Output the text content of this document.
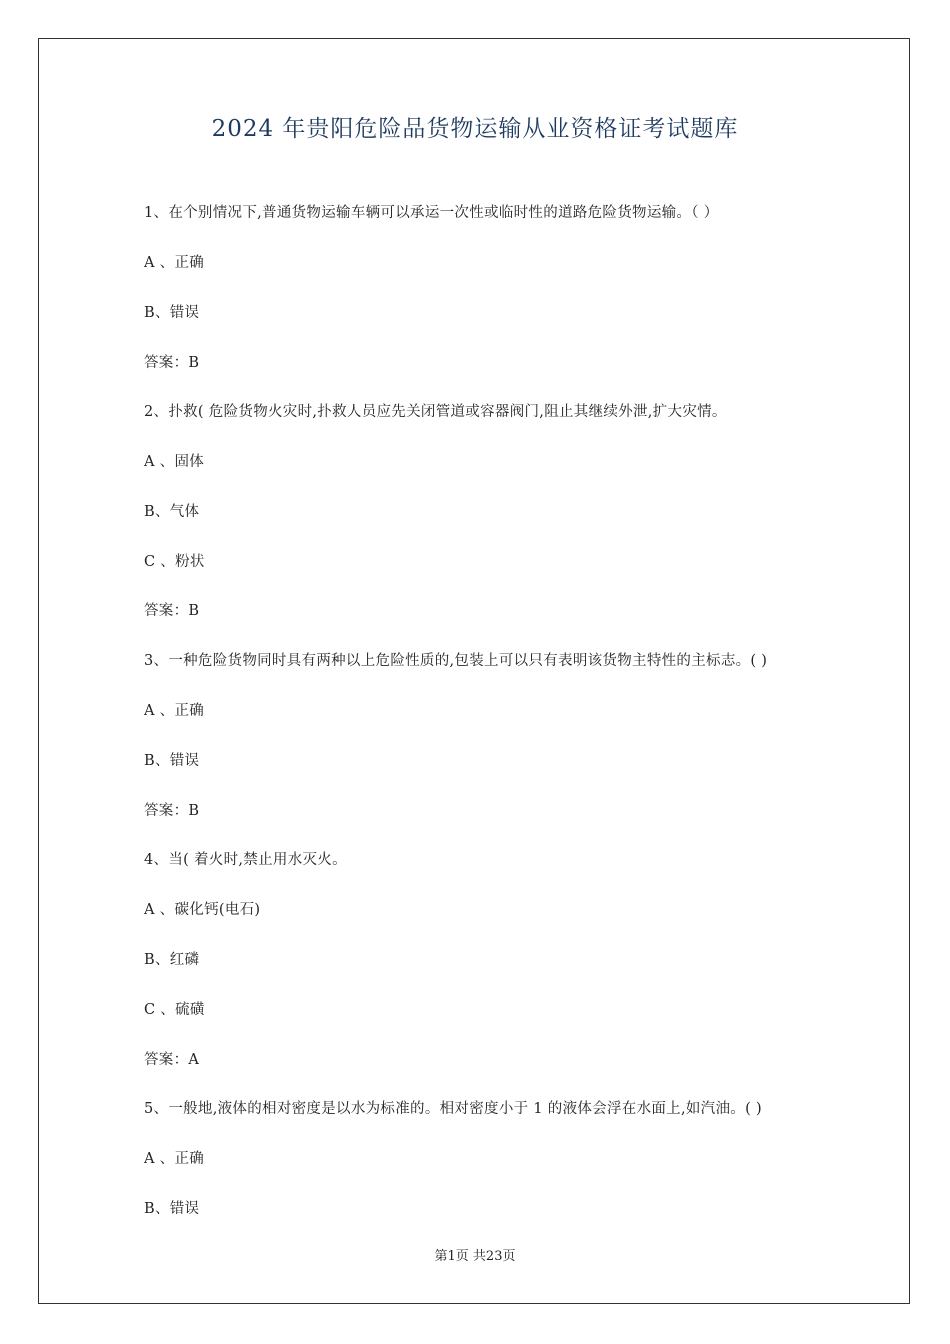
2024 年贵阳危险品货物运输从业资格证考试题库
1、在个别情况下,普通货物运输车辆可以承运一次性或临时性的道路危险货物运输。（ ）
A 、正确
B、错误
答案：B
2、扑救( 危险货物火灾时,扑救人员应先关闭管道或容器阀门,阻止其继续外泄,扩大灾情。
A 、固体
B、气体
C 、粉状
答案：B
3、一种危险货物同时具有两种以上危险性质的,包装上可以只有表明该货物主特性的主标志。( )
A 、正确
B、错误
答案：B
4、当( 着火时,禁止用水灭火。
A 、碳化钙(电石)
B、红磷
C 、硫磺
答案：A
5、一般地,液体的相对密度是以水为标准的。相对密度小于 1 的液体会浮在水面上,如汽油。( )
A 、正确
B、错误
第1页 共23页
